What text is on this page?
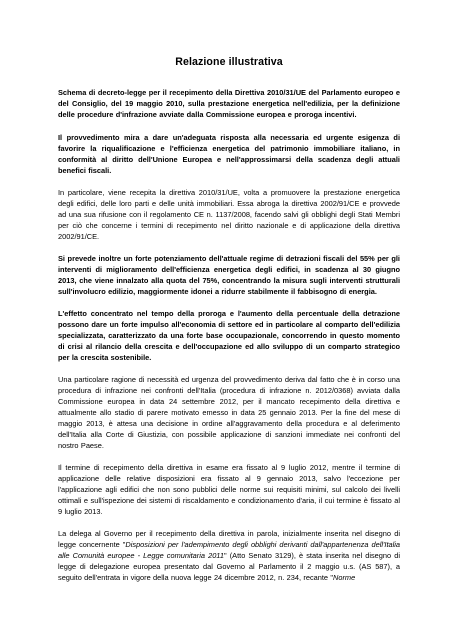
Relazione illustrativa

Schema di decreto-legge per il recepimento della Direttiva 2010/31/UE del Parlamento europeo e del Consiglio, del 19 maggio 2010, sulla prestazione energetica nell'edilizia, per la definizione delle procedure d'infrazione avviate dalla Commissione europea e proroga incentivi.

Il provvedimento mira a dare un'adeguata risposta alla necessaria ed urgente esigenza di favorire la riqualificazione e l'efficienza energetica del patrimonio immobiliare italiano, in conformità al diritto dell'Unione Europea e nell'approssimarsi della scadenza degli attuali benefici fiscali.

In particolare, viene recepita la direttiva 2010/31/UE, volta a promuovere la prestazione energetica degli edifici, delle loro parti e delle unità immobiliari. Essa abroga la direttiva 2002/91/CE e provvede ad una sua rifusione con il regolamento CE n. 1137/2008, facendo salvi gli obblighi degli Stati Membri per ciò che concerne i termini di recepimento nel diritto nazionale e di applicazione della direttiva 2002/91/CE.

Si prevede inoltre un forte potenziamento dell'attuale regime di detrazioni fiscali del 55% per gli interventi di miglioramento dell'efficienza energetica degli edifici, in scadenza al 30 giugno 2013, che viene innalzato alla quota del 75%, concentrando la misura sugli interventi strutturali sull'involucro edilizio, maggiormente idonei a ridurre stabilmente il fabbisogno di energia.

L'effetto concentrato nel tempo della proroga e l'aumento della percentuale della detrazione possono dare un forte impulso all'economia di settore ed in particolare al comparto dell'edilizia specializzata, caratterizzato da una forte base occupazionale, concorrendo in questo momento di crisi al rilancio della crescita e dell'occupazione ed allo sviluppo di un comparto strategico per la crescita sostenibile.

Una particolare ragione di necessità ed urgenza del provvedimento deriva dal fatto che è in corso una procedura di infrazione nei confronti dell'Italia (procedura di infrazione n. 2012/0368) avviata dalla Commissione europea in data 24 settembre 2012, per il mancato recepimento della direttiva e attualmente allo stadio di parere motivato emesso in data 25 gennaio 2013. Per la fine del mese di maggio 2013, è attesa una decisione in ordine all'aggravamento della procedura e al deferimento dell'Italia alla Corte di Giustizia, con possibile applicazione di sanzioni immediate nei confronti del nostro Paese.

Il termine di recepimento della direttiva in esame era fissato al 9 luglio 2012, mentre il termine di applicazione delle relative disposizioni era fissato al 9 gennaio 2013, salvo l'eccezione per l'applicazione agli edifici che non sono pubblici delle norme sui requisiti minimi, sul calcolo dei livelli ottimali e sull'ispezione dei sistemi di riscaldamento e condizionamento d'aria, il cui termine è fissato al 9 luglio 2013.

La delega al Governo per il recepimento della direttiva in parola, inizialmente inserita nel disegno di legge concernente "Disposizioni per l'adempimento degli obblighi derivanti dall'appartenenza dell'Italia alle Comunità europee - Legge comunitaria 2011" (Atto Senato 3129), è stata inserita nel disegno di legge di delegazione europea presentato dal Governo al Parlamento il 2 maggio u.s. (AS 587), a seguito dell'entrata in vigore della nuova legge 24 dicembre 2012, n. 234, recante "Norme
